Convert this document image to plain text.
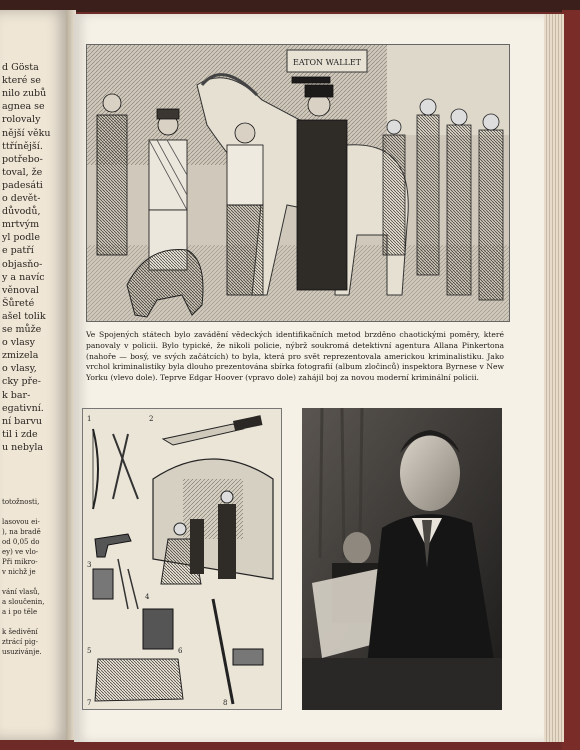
d Gösta
které se
nilo zubů
agnea se
rolovaly
nější věku
ttřínější.
potřebo-
toval, že
padesáti
o devět-
důvodů,
mrtvým
yl podle
e patří
objasňo-
y a navíc
věnoval
Šůreté
ašel tolik
se může
o vlasy
zmizela
o vlasy,
cky pře-
k bar-
egativní.
ní barvu
til i zde
u nebyla
totožnosti,
lasovou ei-
), na bradě
od 0,05 do
ey) ve vlo-
Při mikro-
v nichž je
vání vlasů,
a sloučenin,
a i po těle
k šedivění
ztrácí pig-
usuzivánje.
EATON WALLET
Ve Spojených státech bylo zavádění vědeckých identifikačních metod brzděno chaotickými poměry, které panovaly v policii. Bylo typické, že nikoli policie, nýbrž soukromá detektivní agentura Allana Pinkertona (nahoře — bosý, ve svých začátcích) to byla, která pro svět reprezentovala americkou kriminalistiku. Jako vrchol kriminalistiky byla dlouho prezentována sbírka fotografií (album zločinců) inspektora Byrnese v New Yorku (vlevo dole). Teprve Edgar Hoover (vpravo dole) zahájil boj za novou moderní kriminální policii.
1	2
3
4
5	6
7	8
